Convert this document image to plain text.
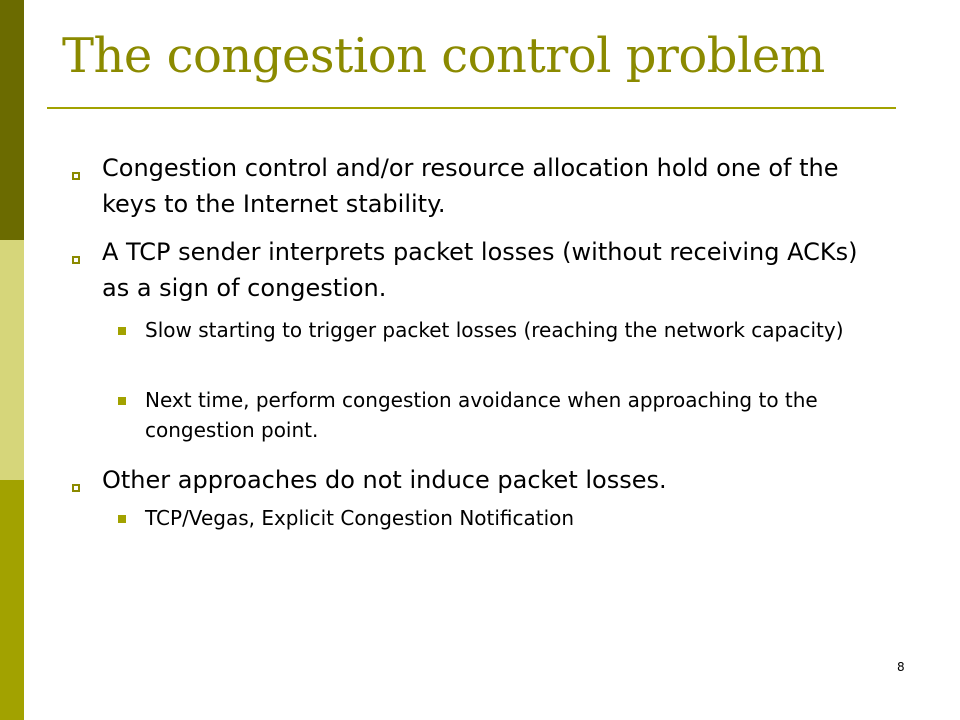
The congestion control problem
Congestion control and/or resource allocation hold one of the keys to the Internet stability.
A TCP sender interprets packet losses (without receiving ACKs) as a sign of congestion.
Slow starting to trigger packet losses (reaching the network capacity)
Next time, perform congestion avoidance when approaching to the congestion point.
Other approaches do not induce packet losses.
TCP/Vegas, Explicit Congestion Notification
8
